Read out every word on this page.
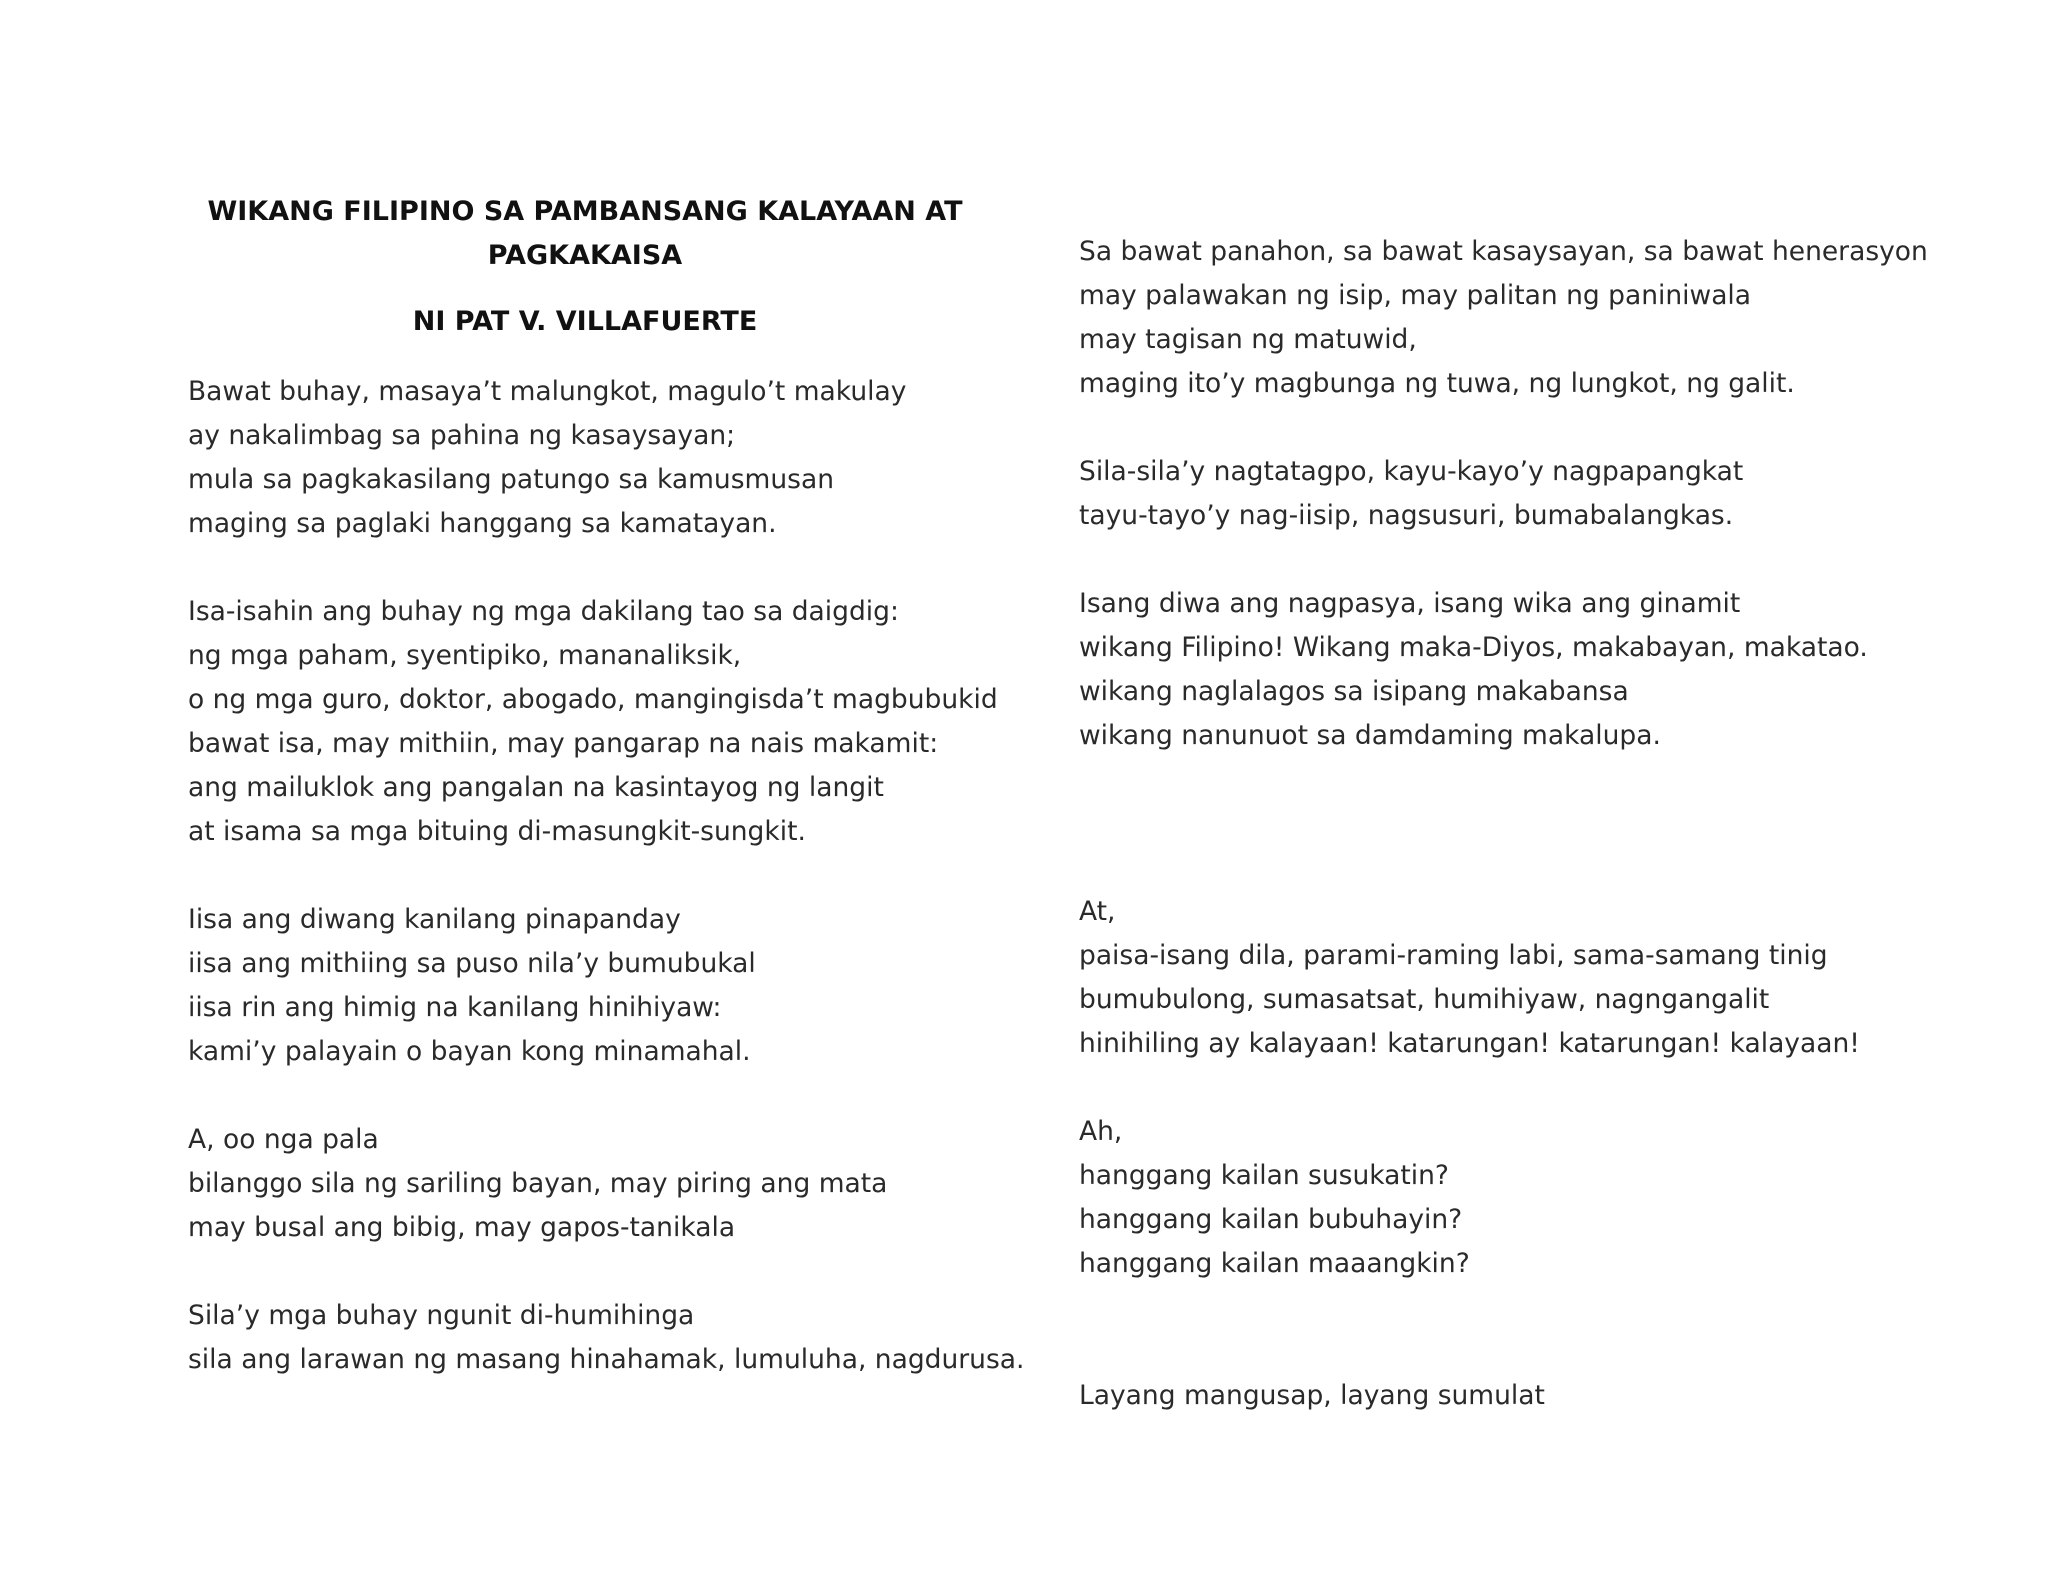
WIKANG FILIPINO SA PAMBANSANG KALAYAAN AT
PAGKAKAISA
NI PAT V. VILLAFUERTE
Bawat buhay, masaya’t malungkot, magulo’t makulay
ay nakalimbag sa pahina ng kasaysayan;
mula sa pagkakasilang patungo sa kamusmusan
maging sa paglaki hanggang sa kamatayan.
Isa-isahin ang buhay ng mga dakilang tao sa daigdig:
ng mga paham, syentipiko, mananaliksik,
o ng mga guro, doktor, abogado, mangingisda’t magbubukid
bawat isa, may mithiin, may pangarap na nais makamit:
ang mailuklok ang pangalan na kasintayog ng langit
at isama sa mga bituing di-masungkit-sungkit.
Iisa ang diwang kanilang pinapanday
iisa ang mithiing sa puso nila’y bumubukal
iisa rin ang himig na kanilang hinihiyaw:
kami’y palayain o bayan kong minamahal.
A, oo nga pala
bilanggo sila ng sariling bayan, may piring ang mata
may busal ang bibig, may gapos-tanikala
Sila’y mga buhay ngunit di-humihinga
sila ang larawan ng masang hinahamak, lumuluha, nagdurusa.
Sa bawat panahon, sa bawat kasaysayan, sa bawat henerasyon
may palawakan ng isip, may palitan ng paniniwala
may tagisan ng matuwid,
maging ito’y magbunga ng tuwa, ng lungkot, ng galit.
Sila-sila’y nagtatagpo, kayu-kayo’y nagpapangkat
tayu-tayo’y nag-iisip, nagsusuri, bumabalangkas.
Isang diwa ang nagpasya, isang wika ang ginamit
wikang Filipino! Wikang maka-Diyos, makabayan, makatao.
wikang naglalagos sa isipang makabansa
wikang nanunuot sa damdaming makalupa.
At,
paisa-isang dila, parami-raming labi, sama-samang tinig
bumubulong, sumasatsat, humihiyaw, nagngangalit
hinihiling ay kalayaan! katarungan! katarungan! kalayaan!
Ah,
hanggang kailan susukatin?
hanggang kailan bubuhayin?
hanggang kailan maaangkin?
Layang mangusap, layang sumulat
